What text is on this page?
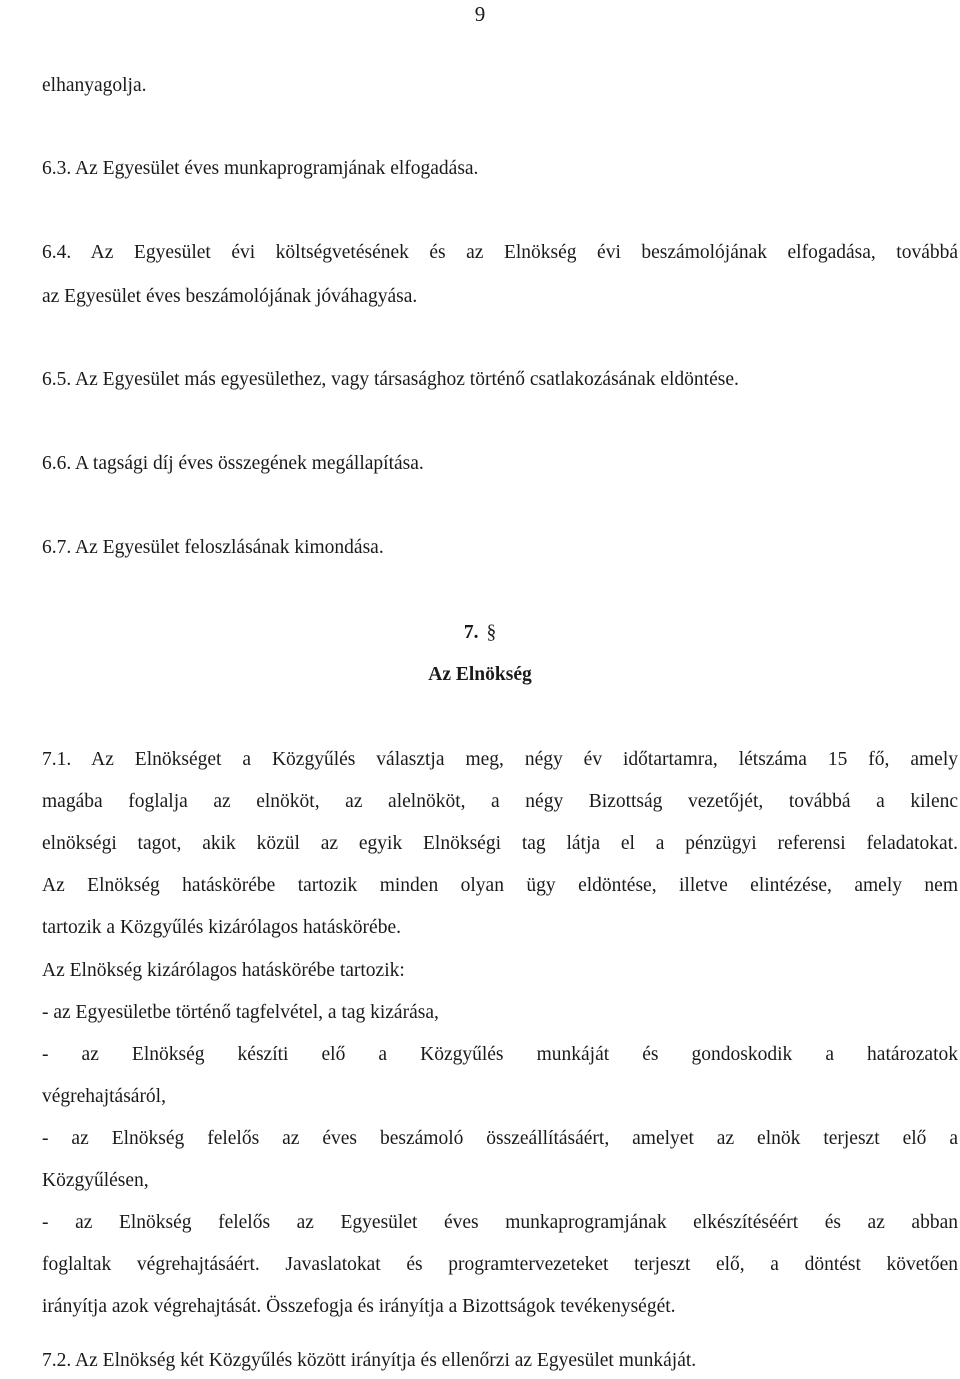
9
elhanyagolja.
6.3. Az Egyesület éves munkaprogramjának elfogadása.
6.4. Az Egyesület évi költségvetésének és az Elnökség évi beszámolójának elfogadása, továbbá
az Egyesület éves beszámolójának jóváhagyása.
6.5. Az Egyesület más egyesülethez, vagy társasághoz történő csatlakozásának eldöntése.
6.6. A tagsági díj éves összegének megállapítása.
6.7. Az Egyesület feloszlásának kimondása.
7. §
Az Elnökség
7.1. Az Elnökséget a Közgyűlés választja meg, négy év időtartamra, létszáma 15 fő, amely
magába foglalja az elnököt, az alelnököt, a négy Bizottság vezetőjét, továbbá a kilenc
elnökségi tagot, akik közül az egyik Elnökségi tag látja el a pénzügyi referensi feladatokat.
Az Elnökség hatáskörébe tartozik minden olyan ügy eldöntése, illetve elintézése, amely nem
tartozik a Közgyűlés kizárólagos hatáskörébe.
Az Elnökség kizárólagos hatáskörébe tartozik:
- az Egyesületbe történő tagfelvétel, a tag kizárása,
- az Elnökség készíti elő a Közgyűlés munkáját és gondoskodik a határozatok
végrehajtásáról,
- az Elnökség felelős az éves beszámoló összeállításáért, amelyet az elnök terjeszt elő a
Közgyűlésen,
- az Elnökség felelős az Egyesület éves munkaprogramjának elkészítéséért és az abban
foglaltak végrehajtásáért. Javaslatokat és programtervezeteket terjeszt elő, a döntést követően
irányítja azok végrehajtását. Összefogja és irányítja a Bizottságok tevékenységét.
7.2. Az Elnökség két Közgyűlés között irányítja és ellenőrzi az Egyesület munkáját.
